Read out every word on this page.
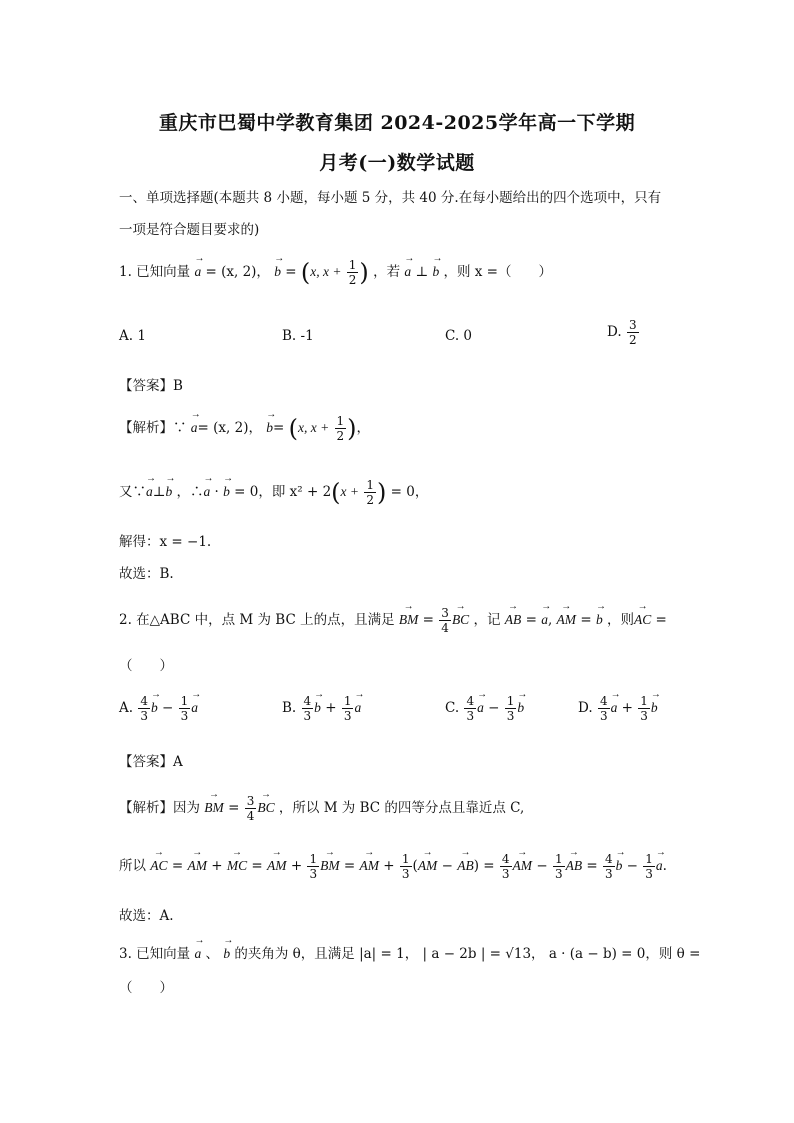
重庆市巴蜀中学教育集团 2024-2025学年高一下学期
月考(一)数学试题
一、单项选择题(本题共 8 小题，每小题 5 分，共 40 分.在每小题给出的四个选项中，只有
一项是符合题目要求的)
1. 已知向量 → a = (x, 2)， → b = (x, $x + \frac{1}{2}$ ) ，若 → a ⊥ → b ，则 x =（　　）
A. 1	B. -1	C. 0	D. $\frac{3}{2}$
【答案】B
【解析】∵ → a= (x, 2)， → b= (x, $x + \frac{1}{2}$ )，
又∵→ a⊥→ b ，∴→ a · → b = 0，即 $x^2 + 2(x + \frac{1}{2}$ ) = 0，
解得：x = −1.
故选：B.
2. 在△ABC 中，点 M 为 BC 上的点，且满足 → BM = $\frac{3}{4}$
→ BC ，记 → AB = → a, → AM = → b ，则→ AC =
（　　）
A. $\frac{4}{3}$
→ $b - \frac{1}{3}$
→ a	B. $\frac{4}{3}$
→ $b + \frac{1}{3}$
→ a	C. $\frac{4}{3}$
→ $a - \frac{1}{3}$
→ b	D. $\frac{4}{3}$
→ $a + \frac{1}{3}$
→ b
【答案】A
【解析】因为 → BM = $\frac{3}{4}$
→ BC ，所以 M 为 BC 的四等分点且靠近点 C,
所以 → AC = → AM + → MC = → AM + $\frac{1}{3}$
→ BM = → AM + $\frac{1}{3}$ (→ AM − → $AB) = \frac{4}{3}$
→ AM − $\frac{1}{3}$
→ AB = $\frac{4}{3}$
→ $b - \frac{1}{3}$
→ a.
故选：A.
3. 已知向量 → a 、 → b 的夹角为 θ，且满足 |a| = 1， | a − 2b | = √13， a · (a − b) = 0，则 θ =
（　　）
